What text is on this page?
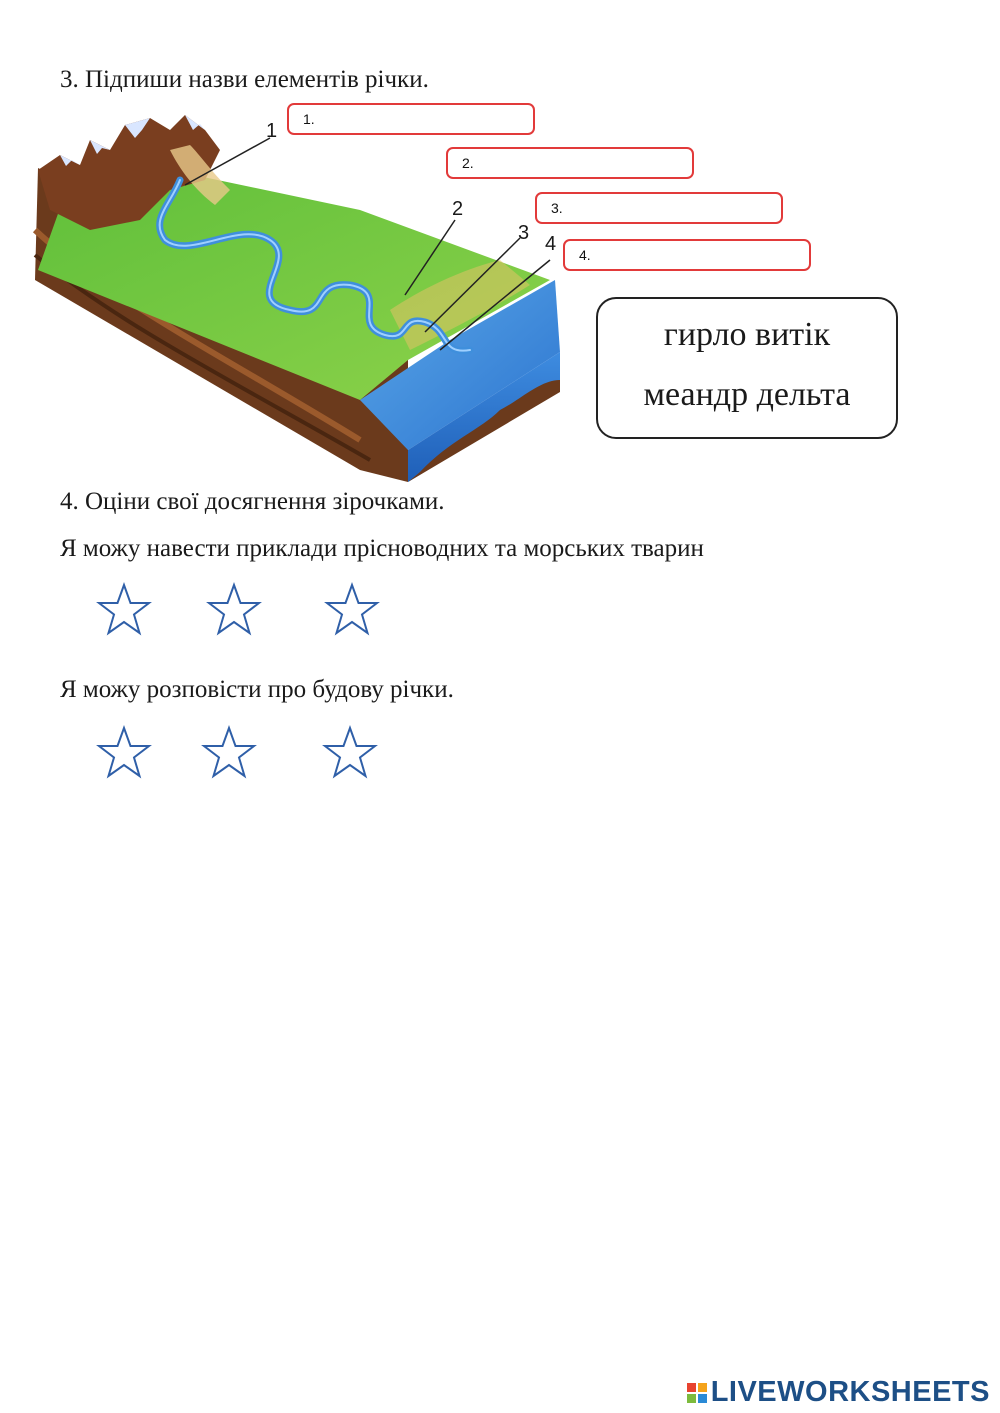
3. Підпиши назви елементів річки.

1
2
3 4
1.
2.
3.
4.
гирло витік
меандр дельта

4. Оціни свої досягнення зірочками.

Я можу навести приклади прісноводних та морських тварин

Я можу розповісти про будову річки.

LIVEWORKSHEETS
